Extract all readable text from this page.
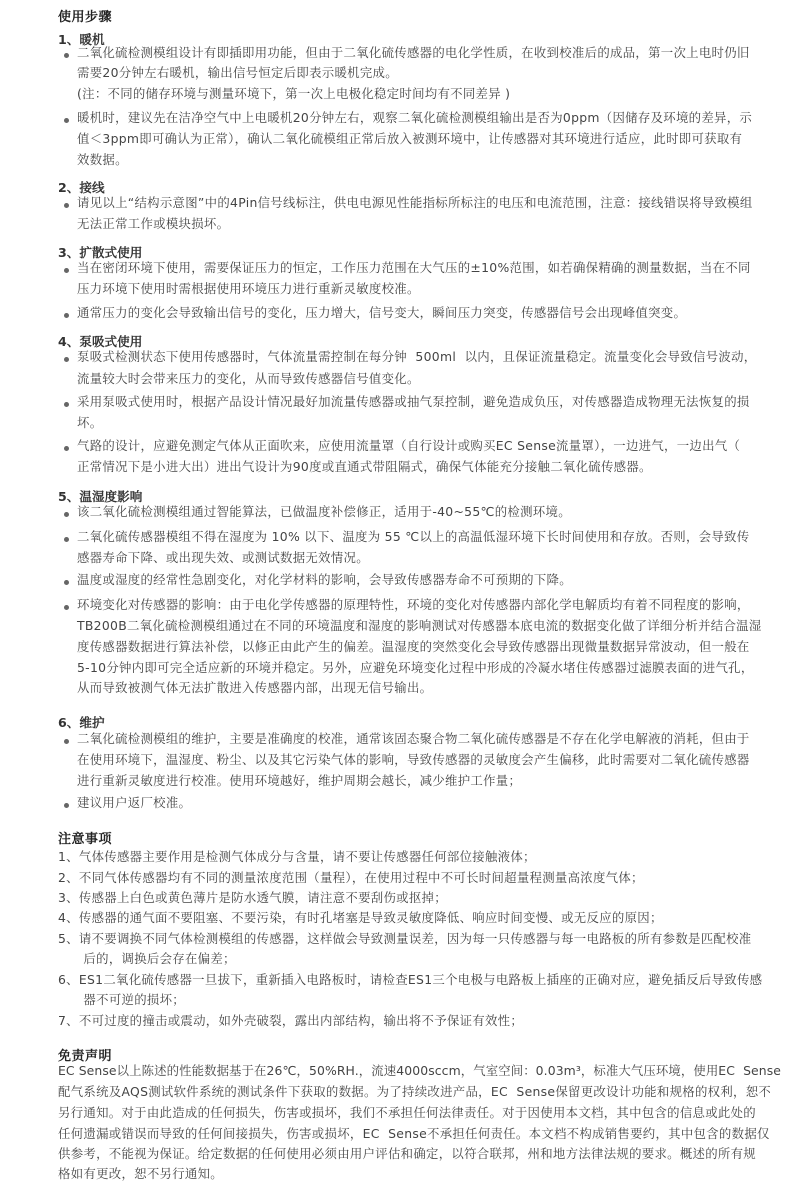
使用步骤
1、暖机
二氧化硫检测模组设计有即插即用功能，但由于二氧化硫传感器的电化学性质，在收到校准后的成品，第一次上电时仍旧
需要20分钟左右暖机，输出信号恒定后即表示暖机完成。
(注：不同的储存环境与测量环境下，第一次上电极化稳定时间均有不同差异 )
暖机时，建议先在洁净空气中上电暖机20分钟左右，观察二氧化硫检测模组输出是否为0ppm（因储存及环境的差异，示
值＜3ppm即可确认为正常），确认二氧化硫模组正常后放入被测环境中，让传感器对其环境进行适应，此时即可获取有
效数据。
2、接线
请见以上“结构示意图”中的4Pin信号线标注，供电电源见性能指标所标注的电压和电流范围，注意：接线错误将导致模组
无法正常工作或模块损坏。
3、扩散式使用
当在密闭环境下使用，需要保证压力的恒定，工作压力范围在大气压的±10%范围，如若确保精确的测量数据，当在不同
压力环境下使用时需根据使用环境压力进行重新灵敏度校准。
通常压力的变化会导致输出信号的变化，压力增大，信号变大，瞬间压力突变，传感器信号会出现峰值突变。
4、泵吸式使用
泵吸式检测状态下使用传感器时，气体流量需控制在每分钟  500ml  以内，且保证流量稳定。流量变化会导致信号波动，
流量较大时会带来压力的变化，从而导致传感器信号值变化。
采用泵吸式使用时，根据产品设计情况最好加流量传感器或抽气泵控制，避免造成负压，对传感器造成物理无法恢复的损
坏。
气路的设计，应避免测定气体从正面吹来，应使用流量罩（自行设计或购买EC Sense流量罩），一边进气，一边出气（
正常情况下是小进大出）进出气设计为90度或直通式带阻隔式，确保气体能充分接触二氧化硫传感器。
5、温湿度影响
该二氧化硫检测模组通过智能算法，已做温度补偿修正，适用于-40~55℃的检测环境。
二氧化硫传感器模组不得在湿度为 10% 以下、温度为 55 ℃以上的高温低湿环境下长时间使用和存放。否则，会导致传
感器寿命下降、或出现失效、或测试数据无效情况。
温度或湿度的经常性急剧变化，对化学材料的影响，会导致传感器寿命不可预期的下降。
环境变化对传感器的影响：由于电化学传感器的原理特性，环境的变化对传感器内部化学电解质均有着不同程度的影响，
TB200B二氧化硫检测模组通过在不同的环境温度和湿度的影响测试对传感器本底电流的数据变化做了详细分析并结合温湿
度传感器数据进行算法补偿，以修正由此产生的偏差。温湿度的突然变化会导致传感器出现微量数据异常波动，但一般在
5-10分钟内即可完全适应新的环境并稳定。另外，应避免环境变化过程中形成的冷凝水堵住传感器过滤膜表面的进气孔，
从而导致被测气体无法扩散进入传感器内部，出现无信号输出。
6、维护
二氧化硫检测模组的维护，主要是准确度的校准，通常该固态聚合物二氧化硫传感器是不存在化学电解液的消耗，但由于
在使用环境下，温湿度、粉尘、以及其它污染气体的影响，导致传感器的灵敏度会产生偏移，此时需要对二氧化硫传感器
进行重新灵敏度进行校准。使用环境越好，维护周期会越长，减少维护工作量；
建议用户返厂校准。
注意事项
1、气体传感器主要作用是检测气体成分与含量，请不要让传感器任何部位接触液体；
2、不同气体传感器均有不同的测量浓度范围（量程），在使用过程中不可长时间超量程测量高浓度气体；
3、传感器上白色或黄色薄片是防水透气膜，请注意不要刮伤或抠掉；
4、传感器的通气面不要阻塞、不要污染，有时孔堵塞是导致灵敏度降低、响应时间变慢、或无反应的原因；
5、请不要调换不同气体检测模组的传感器，这样做会导致测量误差，因为每一只传感器与每一电路板的所有参数是匹配校准
后的，调换后会存在偏差；
6、ES1二氧化硫传感器一旦拔下，重新插入电路板时，请检查ES1三个电极与电路板上插座的正确对应，避免插反后导致传感
器不可逆的损坏；
7、不可过度的撞击或震动，如外壳破裂，露出内部结构，输出将不予保证有效性；
免责声明
EC Sense以上陈述的性能数据基于在26℃，50%RH.，流速4000sccm，气室空间：0.03m³，标准大气压环境，使用EC  Sense
配气系统及AQS测试软件系统的测试条件下获取的数据。为了持续改进产品，EC  Sense保留更改设计功能和规格的权利，恕不
另行通知。对于由此造成的任何损失，伤害或损坏，我们不承担任何法律责任。对于因使用本文档，其中包含的信息或此处的
任何遗漏或错误而导致的任何间接损失，伤害或损坏，EC  Sense不承担任何责任。本文档不构成销售要约，其中包含的数据仅
供参考，不能视为保证。给定数据的任何使用必须由用户评估和确定，以符合联邦，州和地方法律法规的要求。概述的所有规
格如有更改，恕不另行通知。
